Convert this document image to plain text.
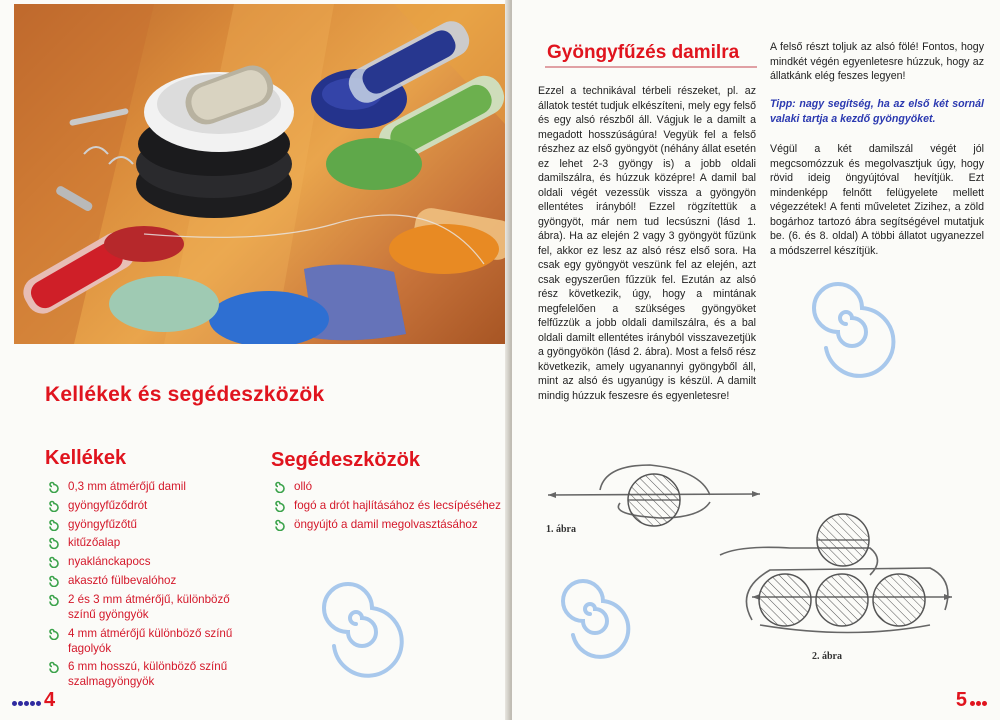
Kellékek és segédeszközök
Kellékek
0,3 mm átmérőjű damil
gyöngyfűződrót
gyöngyfűzőtű
kitűzőalap
nyaklánckapocs
akasztó fülbevalóhoz
2 és 3 mm átmérőjű, különböző színű gyöngyök
4 mm átmérőjű különböző színű fagolyók
6 mm hosszú, különböző színű szalmagyöngyök
Segédeszközök
olló
fogó a drót hajlításához és lecsípéséhez
öngyújtó a damil megolvasztásához
4
Gyöngyfűzés damilra
Ezzel a technikával térbeli részeket, pl. az állatok testét tudjuk elkészíteni, mely egy felső és egy alsó részből áll. Vágjuk le a damilt a megadott hosszúságúra! Vegyük fel a felső részhez az első gyöngyöt (néhány állat esetén ez lehet 2-3 gyöngy is) a jobb oldali damilszálra, és húzzuk középre! A damil bal oldali végét vezessük vissza a gyöngyön ellentétes irányból! Ezzel rögzítettük a gyöngyöt, már nem tud lecsúszni (lásd 1. ábra). Ha az elején 2 vagy 3 gyöngyöt fűzünk fel, akkor ez lesz az alsó rész első sora. Ha csak egy gyöngyöt veszünk fel az elején, azt csak egyszerűen fűzzük fel. Ezután az alsó rész következik, úgy, hogy a mintának megfelelően a szükséges gyöngyöket felfűzzük a jobb oldali damilszálra, és a bal oldali damilt ellentétes irányból visszavezetjük a gyöngyökön (lásd 2. ábra). Most a felső rész következik, amely ugyanannyi gyöngyből áll, mint az alsó és ugyanúgy is készül. A damilt mindig húzzuk feszesre és egyenletesre!
A felső részt toljuk az alsó fölé! Fontos, hogy mindkét végén egyenletesre húzzuk, hogy az állatkánk elég feszes legyen!
Tipp: nagy segítség, ha az első két sornál valaki tartja a kezdő gyöngyöket.
Végül a két damilszál végét jól megcsomózzuk és megolvasztjuk úgy, hogy rövid ideig öngyújtóval hevítjük. Ezt mindenképp felnőtt felügyelete mellett végezzétek! A fenti műveletet Zizihez, a zöld bogárhoz tartozó ábra segítségével mutatjuk be. (6. és 8. oldal) A többi állatot ugyanezzel a módszerrel készítjük.
1. ábra
2. ábra
5
